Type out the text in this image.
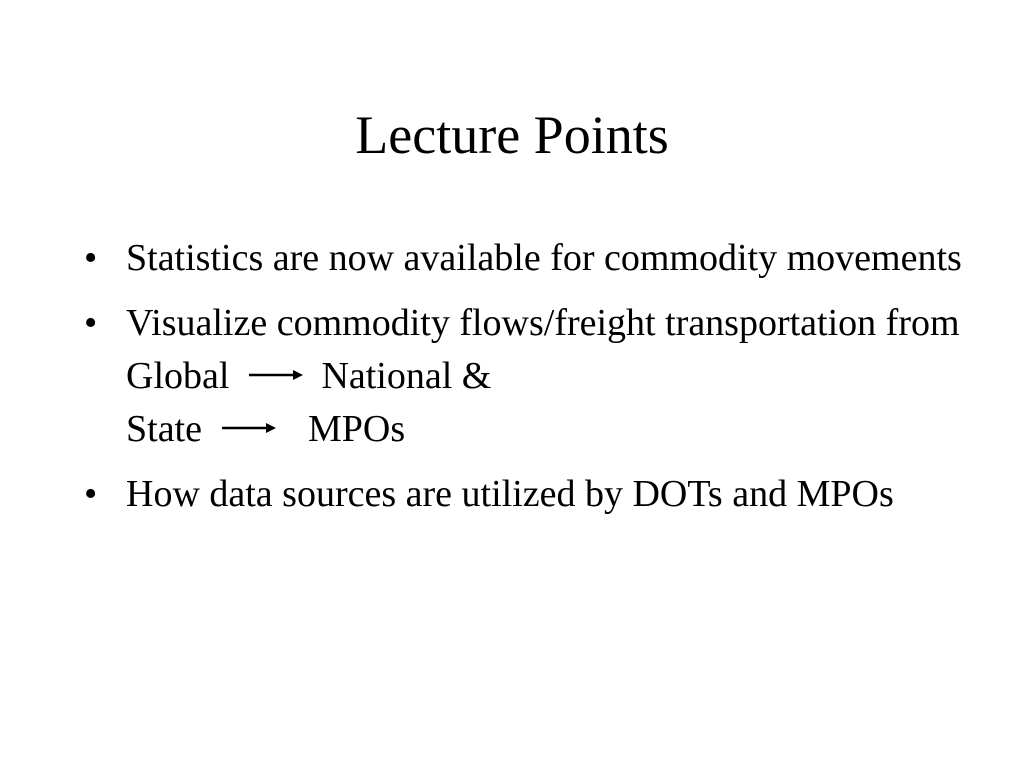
Lecture Points
• Statistics are now available for commodity movements
• Visualize commodity flows/freight transportation from Global National &
State	MPOs
• How data sources are utilized by DOTs and MPOs
